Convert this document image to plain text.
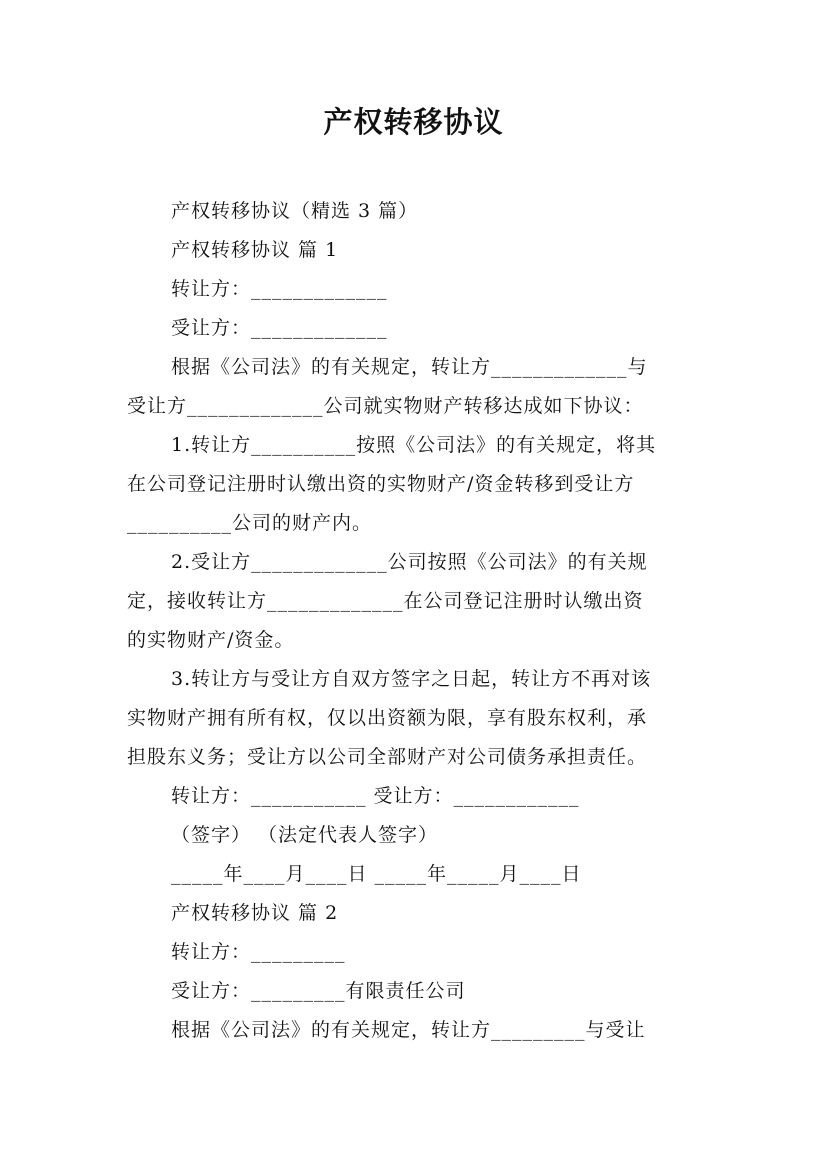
产权转移协议
产权转移协议（精选 3 篇）
产权转移协议 篇 1
转让方：_____________
受让方：_____________
根据《公司法》的有关规定，转让方_____________与
受让方_____________公司就实物财产转移达成如下协议：
1.转让方__________按照《公司法》的有关规定，将其
在公司登记注册时认缴出资的实物财产/资金转移到受让方
__________公司的财产内。
2.受让方_____________公司按照《公司法》的有关规
定，接收转让方_____________在公司登记注册时认缴出资
的实物财产/资金。
3.转让方与受让方自双方签字之日起，转让方不再对该
实物财产拥有所有权，仅以出资额为限，享有股东权利，承
担股东义务；受让方以公司全部财产对公司债务承担责任。
转让方：___________ 受让方：____________
（签字） （法定代表人签字）
_____年____月____日 _____年_____月____日
产权转移协议 篇 2
转让方：_________
受让方：_________有限责任公司
根据《公司法》的有关规定，转让方_________与受让
